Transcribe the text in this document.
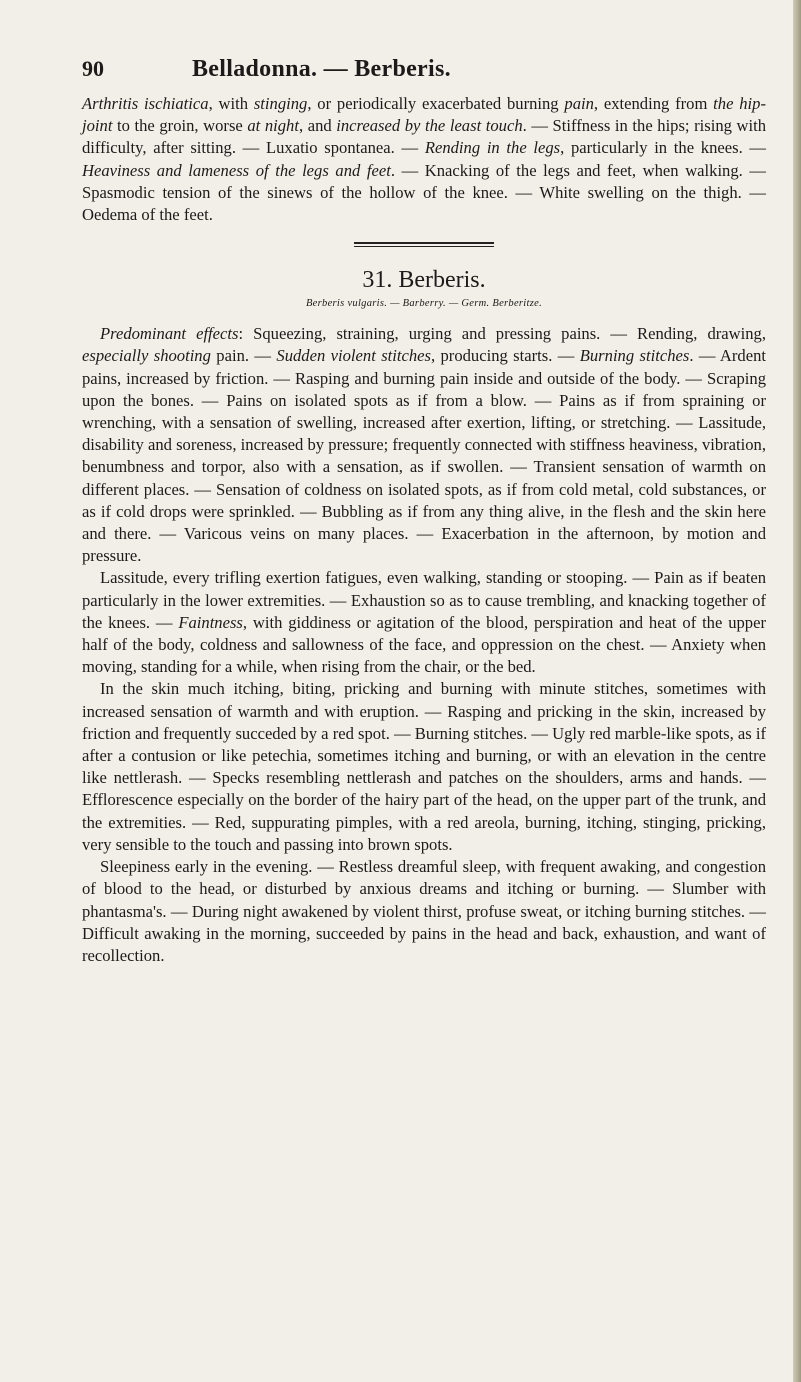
90	Belladonna. — Berberis.

Arthritis ischiatica, with stinging, or periodically exacerbated burning pain, extending from the hip-joint to the groin, worse at night, and increased by the least touch. — Stiffness in the hips; rising with difficulty, after sitting. — Luxatio spontanea. — Rending in the legs, particularly in the knees. — Heaviness and lameness of the legs and feet. — Knacking of the legs and feet, when walking. — Spasmodic tension of the sinews of the hollow of the knee. — White swelling on the thigh. — Oedema of the feet.

31. Berberis.
Berberis vulgaris. — Barberry. — Germ. Berberitze.

Predominant effects: Squeezing, straining, urging and pressing pains. — Rending, drawing, especially shooting pain. — Sudden violent stitches, producing starts. — Burning stitches. — Ardent pains, increased by friction. — Rasping and burning pain inside and outside of the body. — Scraping upon the bones. — Pains on isolated spots as if from a blow. — Pains as if from spraining or wrenching, with a sensation of swelling, increased after exertion, lifting, or stretching. — Lassitude, disability and soreness, increased by pressure; frequently connected with stiffness heaviness, vibration, benumbness and torpor, also with a sensation, as if swollen. — Transient sensation of warmth on different places. — Sensation of coldness on isolated spots, as if from cold metal, cold substances, or as if cold drops were sprinkled. — Bubbling as if from any thing alive, in the flesh and the skin here and there. — Varicous veins on many places. — Exacerbation in the afternoon, by motion and pressure.

Lassitude, every trifling exertion fatigues, even walking, standing or stooping. — Pain as if beaten particularly in the lower extremities. — Exhaustion so as to cause trembling, and knacking together of the knees. — Faintness, with giddiness or agitation of the blood, perspiration and heat of the upper half of the body, coldness and sallowness of the face, and oppression on the chest. — Anxiety when moving, standing for a while, when rising from the chair, or the bed.

In the skin much itching, biting, pricking and burning with minute stitches, sometimes with increased sensation of warmth and with eruption. — Rasping and pricking in the skin, increased by friction and frequently succeded by a red spot. — Burning stitches. — Ugly red marble-like spots, as if after a contusion or like petechia, sometimes itching and burning, or with an elevation in the centre like nettlerash. — Specks resembling nettlerash and patches on the shoulders, arms and hands. — Efflorescence especially on the border of the hairy part of the head, on the upper part of the trunk, and the extremities. — Red, suppurating pimples, with a red areola, burning, itching, stinging, pricking, very sensible to the touch and passing into brown spots.

Sleepiness early in the evening. — Restless dreamful sleep, with frequent awaking, and congestion of blood to the head, or disturbed by anxious dreams and itching or burning. — Slumber with phantasma's. — During night awakened by violent thirst, profuse sweat, or itching burning stitches. — Difficult awaking in the morning, succeeded by pains in the head and back, exhaustion, and want of recollection.
